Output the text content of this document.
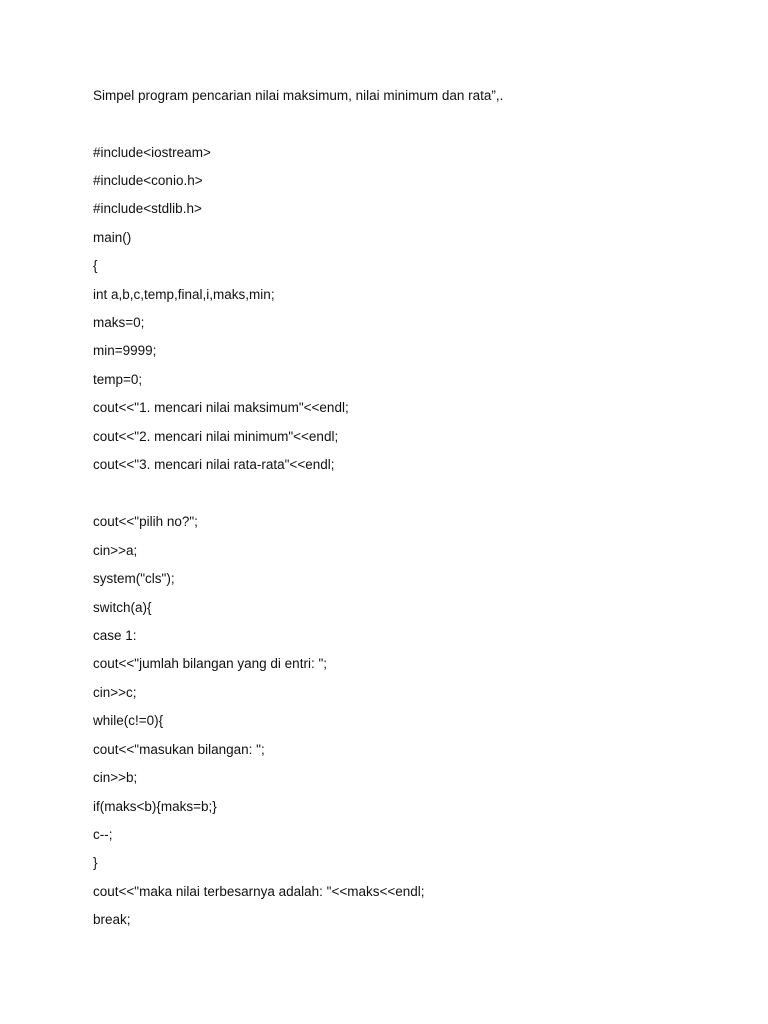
Simpel program pencarian nilai maksimum, nilai minimum dan rata”,.
#include<iostream>
#include<conio.h>
#include<stdlib.h>
main()
{
int a,b,c,temp,final,i,maks,min;
maks=0;
min=9999;
temp=0;
cout<<"1. mencari nilai maksimum"<<endl;
cout<<"2. mencari nilai minimum"<<endl;
cout<<"3. mencari nilai rata-rata"<<endl;
cout<<"pilih no?";
cin>>a;
system("cls");
switch(a){
case 1:
cout<<"jumlah bilangan yang di entri: ";
cin>>c;
while(c!=0){
cout<<"masukan bilangan: ";
cin>>b;
if(maks<b){maks=b;}
c--;
}
cout<<"maka nilai terbesarnya adalah: "<<maks<<endl;
break;
